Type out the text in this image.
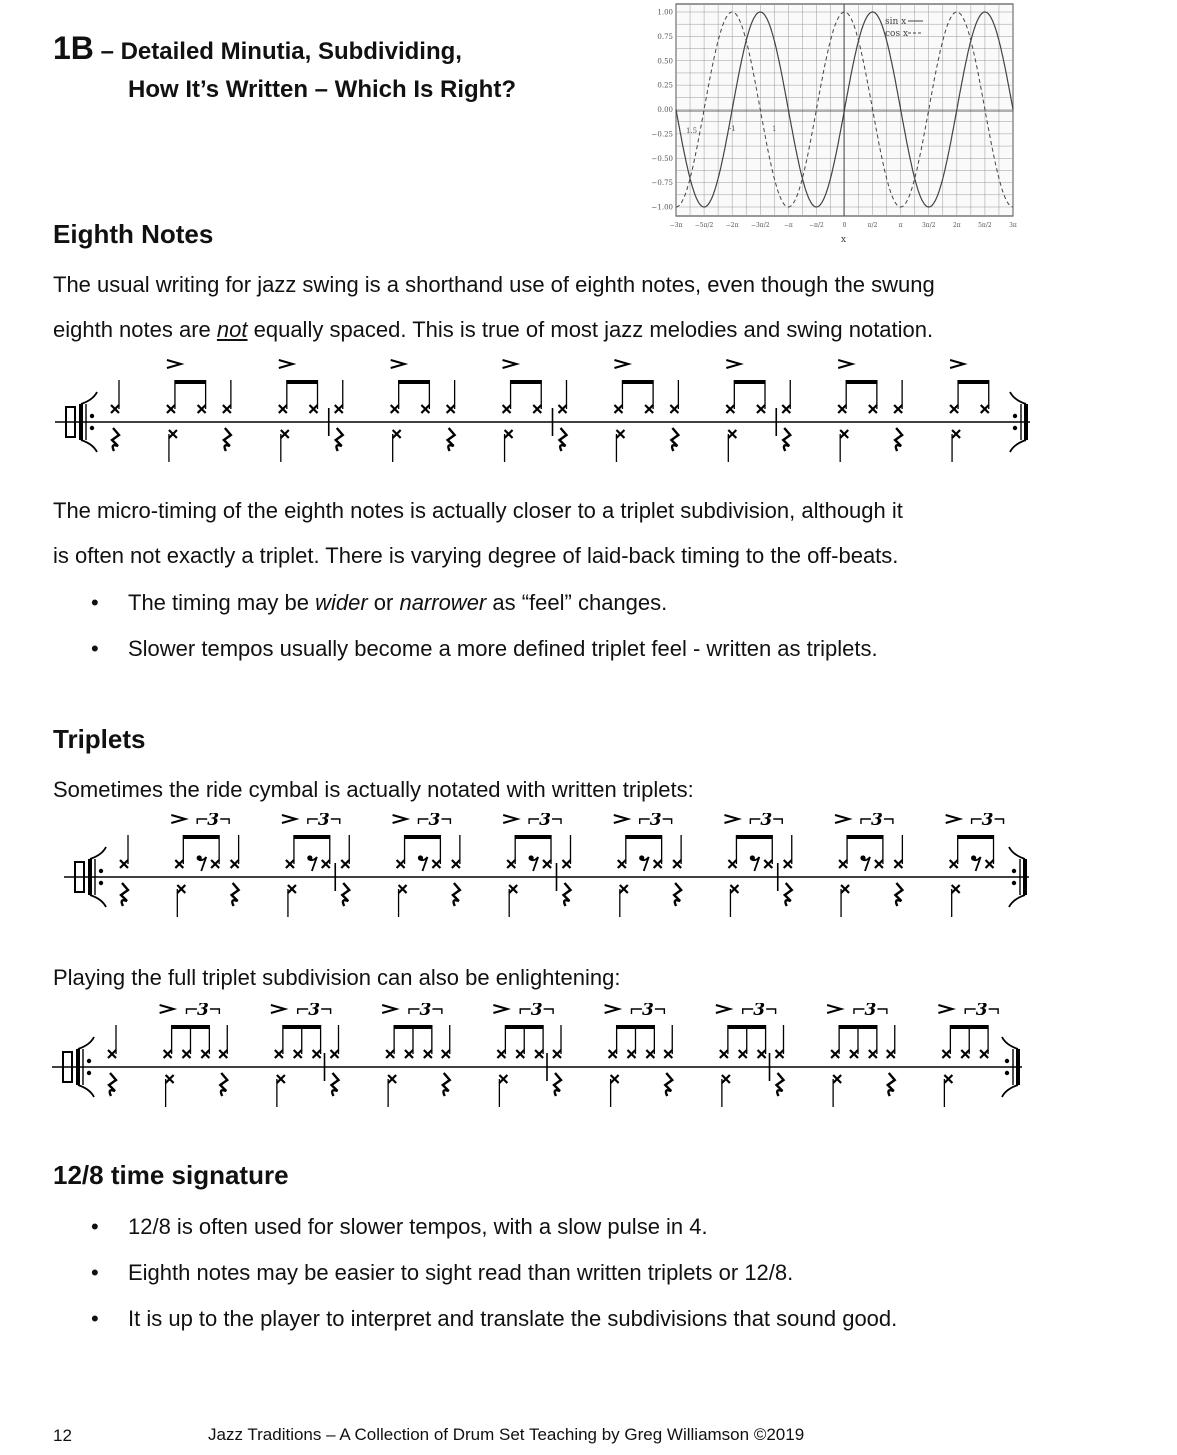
1B – Detailed Minutia, Subdividing,
How It’s Written – Which Is Right?
1.00
0.75
0.50
0.25
0.00
−0.25
−0.50
−0.75
−1.00
−3π −5π/2 −2π −3π/2 −π	−π/2	0	π/2	π	3π/2	2π	5π/2	3π
sin x
cos x
1.5	-1	1
x
Eighth Notes

The usual writing for jazz swing is a shorthand use of eighth notes, even though the swung

eighth notes are not equally spaced. This is true of most jazz melodies and swing notation.

The micro-timing of the eighth notes is actually closer to a triplet subdivision, although it

is often not exactly a triplet. There is varying degree of laid-back timing to the off-beats.

• The timing may be wider or narrower as “feel” changes.
• Slower tempos usually become a more defined triplet feel - written as triplets.
Triplets

Sometimes the ride cymbal is actually notated with written triplets:

3	3	3	3	3	3	3	3

Playing the full triplet subdivision can also be enlightening:

3	3	3	3	3	3	3	3
12/8 time signature
• 12/8 is often used for slower tempos, with a slow pulse in 4.
• Eighth notes may be easier to sight read than written triplets or 12/8.
• It is up to the player to interpret and translate the subdivisions that sound good.
12	Jazz Traditions – A Collection of Drum Set Teaching by Greg Williamson ©2019
